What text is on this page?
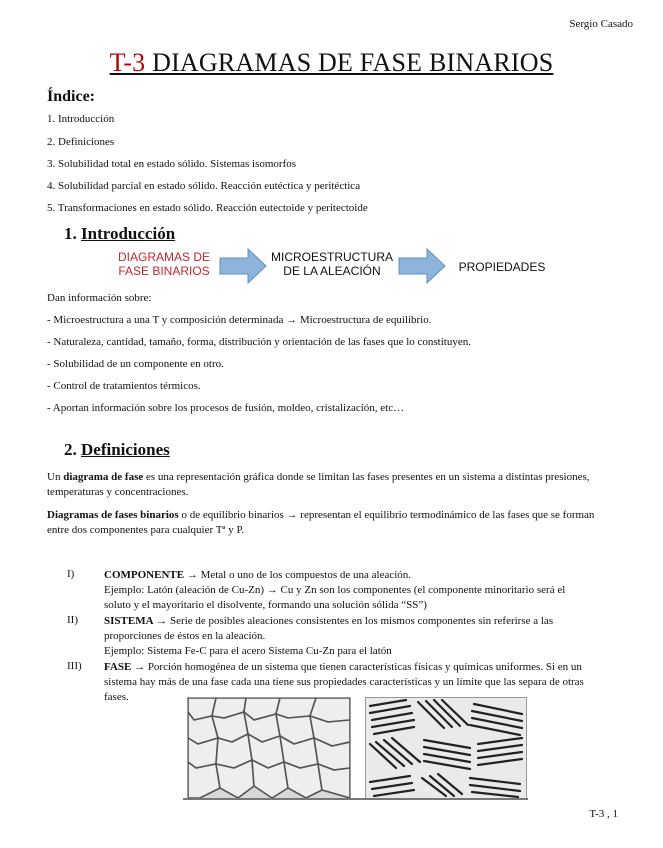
Sergio Casado
T-3 DIAGRAMAS DE FASE BINARIOS
Índice:
1. Introducción
2. Definiciones
3. Solubilidad total en estado sólido. Sistemas isomorfos
4. Solubilidad parcial en estado sólido. Reacción eutéctica y peritéctica
5. Transformaciones en estado sólido. Reacción eutectoide y peritectoide
1. Introducción
DIAGRAMAS DE
FASE BINARIOS
MICROESTRUCTURA
DE LA ALEACIÓN	PROPIEDADES
Dan información sobre:
- Microestructura a una T y composición determinada → Microestructura de equilibrio.
- Naturaleza, cantidad, tamaño, forma, distribución y orientación de las fases que lo constituyen.
- Solubilidad de un componente en otro.
- Control de tratamientos térmicos.
- Aportan información sobre los procesos de fusión, moldeo, cristalización, etc…
2. Definiciones
Un diagrama de fase es una representación gráfica donde se limitan las fases presentes en un sistema a distintas presiones, temperaturas y concentraciones.
Diagramas de fases binarios o de equilibrio binarios → representan el equilibrio termodinámico de las fases que se forman entre dos componentes para cualquier Tª y P.
I)	COMPONENTE → Metal o uno de los compuestos de una aleación.
Ejemplo: Latón (aleación de Cu-Zn) → Cu y Zn son los componentes (el componente minoritario será el
soluto y el mayoritario el disolvente, formando una solución sólida “SS”)
II) SISTEMA → Serie de posibles aleaciones consistentes en los mismos componentes sin referirse a las
proporciones de éstos en la aleación.
Ejemplo: Sistema Fe-C para el acero Sistema Cu-Zn para el latón
III) FASE → Porción homogénea de un sistema que tienen características físicas y químicas uniformes. Si en un
sistema hay más de una fase cada una tiene sus propiedades características y un límite que las separa de otras
fases.
T-3 , 1
